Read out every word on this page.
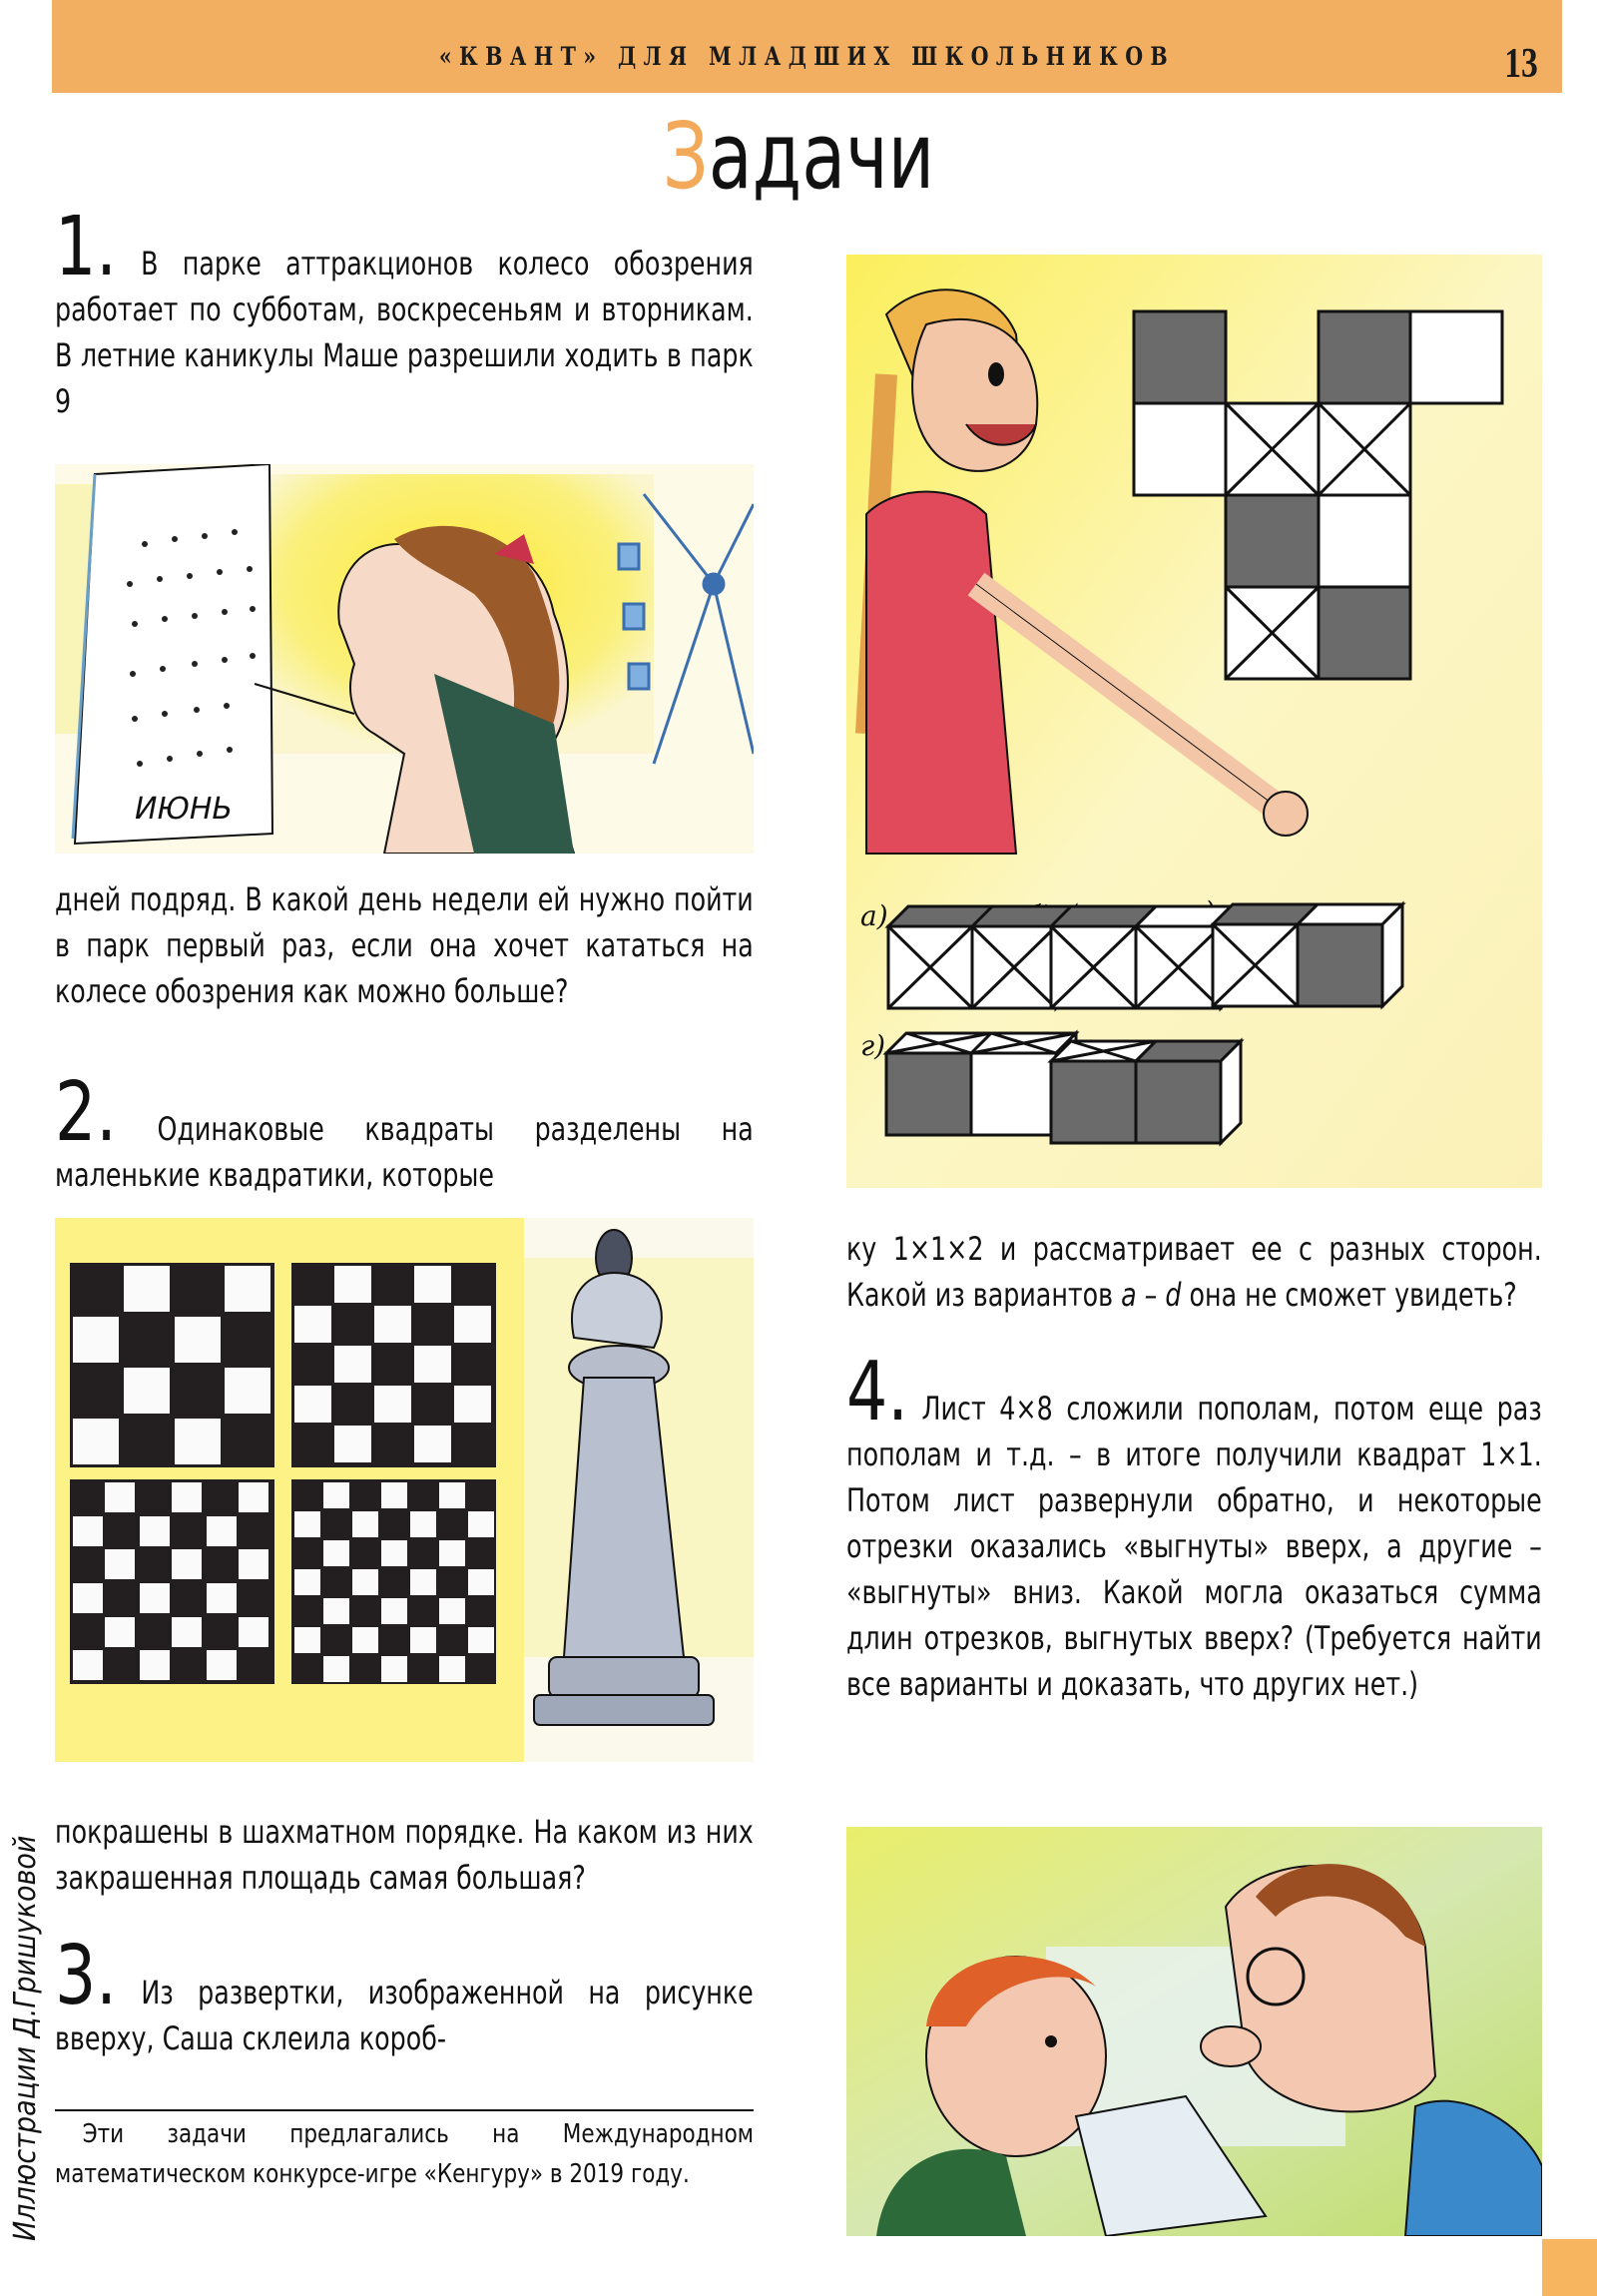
«КВАНТ» ДЛЯ МЛАДШИХ ШКОЛЬНИКОВ	13
Задачи

1. В парке аттракционов колесо обозрения работает по субботам, воскресеньям и вторникам. В летние каникулы Маше разрешили ходить в парк 9

ИЮНЬ

дней подряд. В какой день недели ей нужно пойти в парк первый раз, если она хочет кататься на колесе обозрения как можно больше?

2. Одинаковые квадраты разделены на маленькие квадратики, которые

покрашены в шахматном порядке. На каком из них закрашенная площадь самая большая?

3. Из развертки, изображенной на рисунке вверху, Саша склеила короб-

Эти задачи предлагались на Международном математическом конкурсе-игре «Кенгуру» в 2019 году.

Иллюстрации Д.Гришуковой
а)
г)

ку 1×1×2 и рассматривает ее с разных сторон. Какой из вариантов а – d она не сможет увидеть?

4. Лист 4×8 сложили пополам, потом еще раз пополам и т.д. – в итоге получили квадрат 1×1. Потом лист развернули обратно, и некоторые отрезки оказались «выгнуты» вверх, а другие – «выгнуты» вниз. Какой могла оказаться сумма длин отрезков, выгнутых вверх? (Требуется найти все варианты и доказать, что других нет.)
